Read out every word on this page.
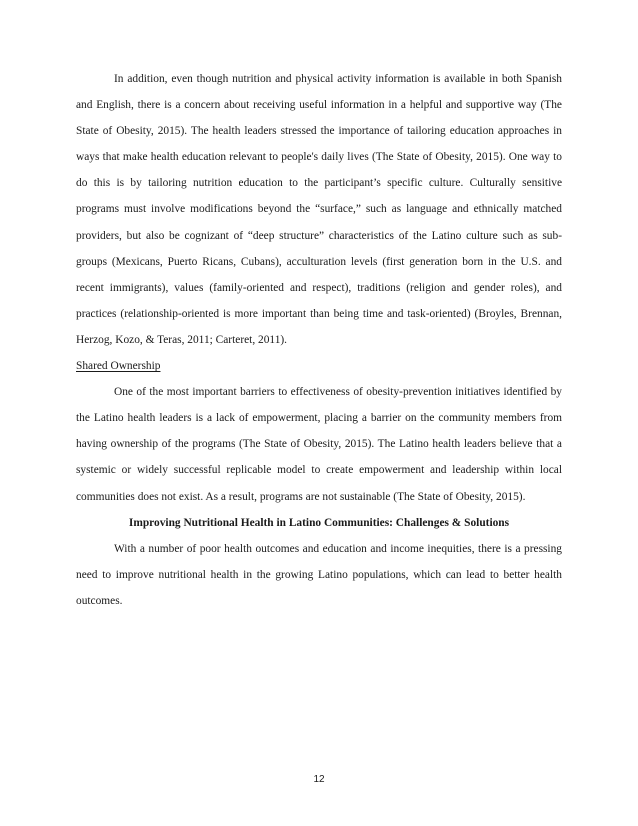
In addition, even though nutrition and physical activity information is available in both Spanish and English, there is a concern about receiving useful information in a helpful and supportive way (The State of Obesity, 2015). The health leaders stressed the importance of tailoring education approaches in ways that make health education relevant to people's daily lives (The State of Obesity, 2015). One way to do this is by tailoring nutrition education to the participant’s specific culture. Culturally sensitive programs must involve modifications beyond the “surface,” such as language and ethnically matched providers, but also be cognizant of “deep structure” characteristics of the Latino culture such as sub-groups (Mexicans, Puerto Ricans, Cubans), acculturation levels (first generation born in the U.S. and recent immigrants), values (family-oriented and respect), traditions (religion and gender roles), and practices (relationship-oriented is more important than being time and task-oriented) (Broyles, Brennan, Herzog, Kozo, & Teras, 2011; Carteret, 2011).

Shared Ownership

One of the most important barriers to effectiveness of obesity-prevention initiatives identified by the Latino health leaders is a lack of empowerment, placing a barrier on the community members from having ownership of the programs (The State of Obesity, 2015). The Latino health leaders believe that a systemic or widely successful replicable model to create empowerment and leadership within local communities does not exist. As a result, programs are not sustainable (The State of Obesity, 2015).

Improving Nutritional Health in Latino Communities: Challenges & Solutions

With a number of poor health outcomes and education and income inequities, there is a pressing need to improve nutritional health in the growing Latino populations, which can lead to better health outcomes.

12
